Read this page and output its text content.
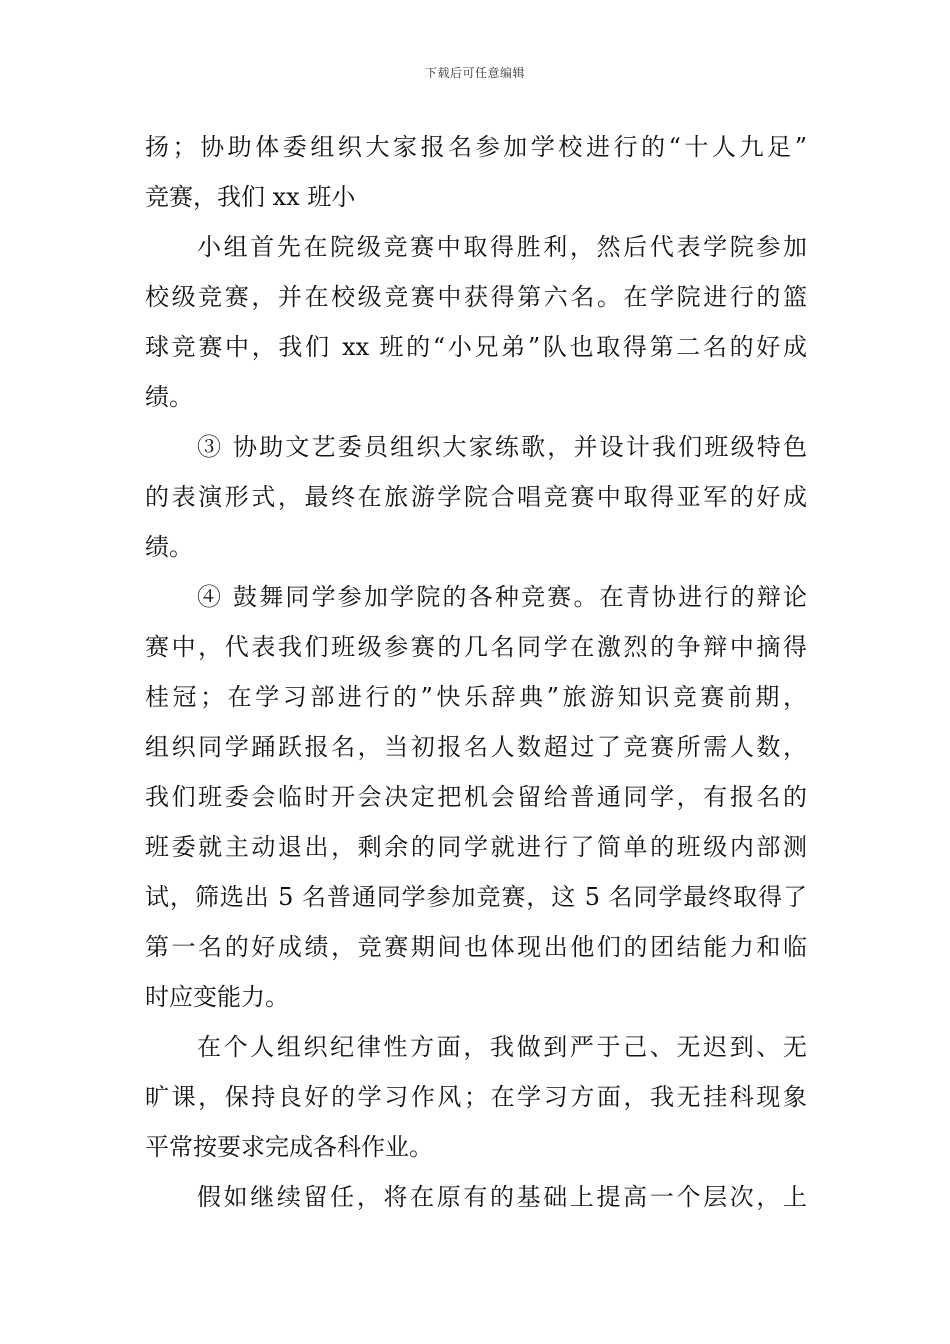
下载后可任意编辑
扬；协助体委组织大家报名参加学校进行的“十人九足”
竞赛，我们 xx 班小
小组首先在院级竞赛中取得胜利，然后代表学院参加
校级竞赛，并在校级竞赛中获得第六名。在学院进行的篮
球竞赛中，我们 xx 班的“小兄弟”队也取得第二名的好成
绩。
③ 协助文艺委员组织大家练歌，并设计我们班级特色
的表演形式，最终在旅游学院合唱竞赛中取得亚军的好成
绩。
④ 鼓舞同学参加学院的各种竞赛。在青协进行的辩论
赛中，代表我们班级参赛的几名同学在激烈的争辩中摘得
桂冠；在学习部进行的”快乐辞典”旅游知识竞赛前期，
组织同学踊跃报名，当初报名人数超过了竞赛所需人数，
我们班委会临时开会决定把机会留给普通同学，有报名的
班委就主动退出，剩余的同学就进行了简单的班级内部测
试，筛选出 5 名普通同学参加竞赛，这 5 名同学最终取得了
第一名的好成绩，竞赛期间也体现出他们的团结能力和临
时应变能力。
在个人组织纪律性方面，我做到严于己、无迟到、无
旷课，保持良好的学习作风；在学习方面，我无挂科现象
平常按要求完成各科作业。
假如继续留任，将在原有的基础上提高一个层次，上
